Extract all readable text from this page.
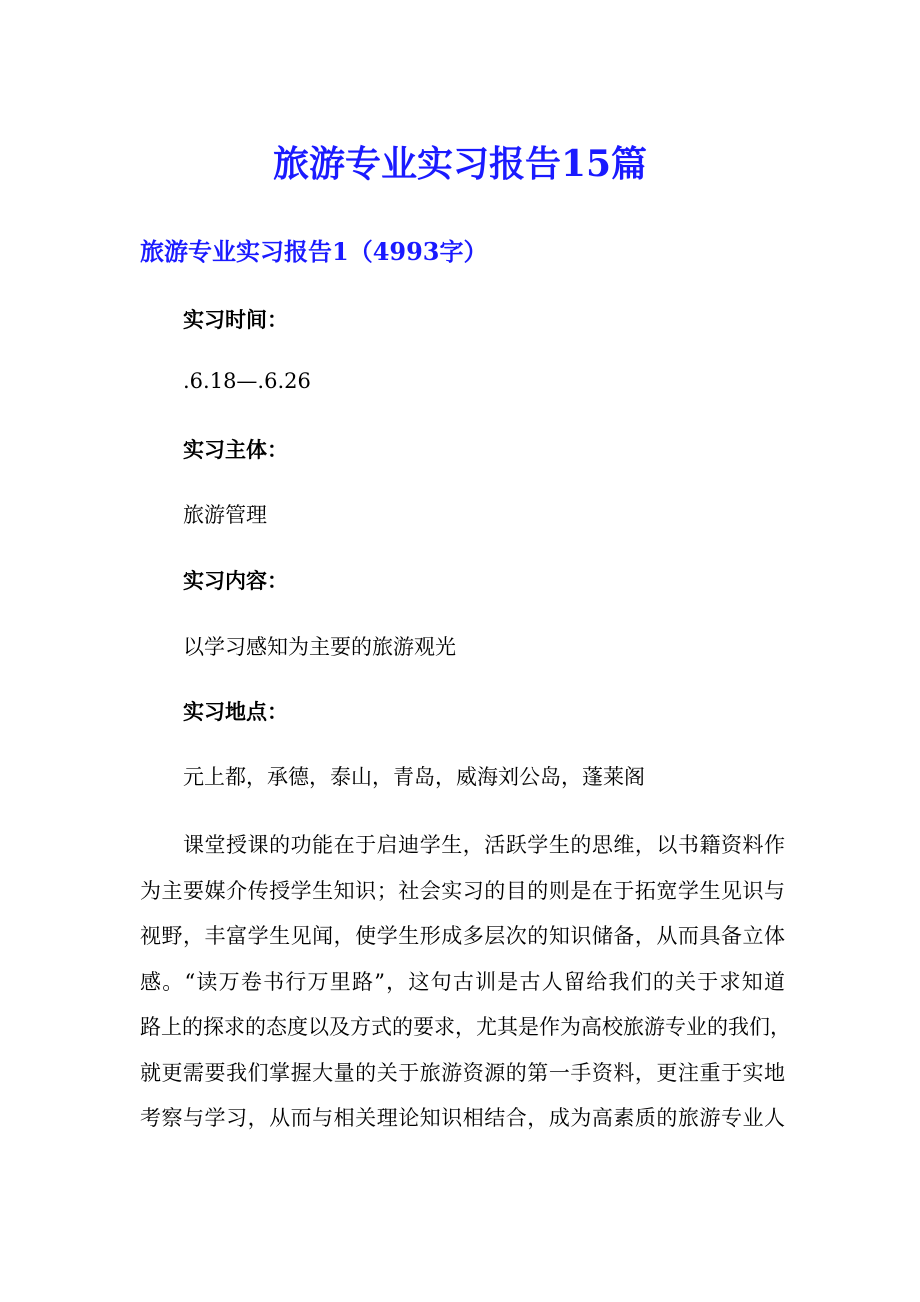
旅游专业实习报告15篇
旅游专业实习报告1（4993字）

实习时间：

.6.18—.6.26

实习主体：

旅游管理

实习内容：

以学习感知为主要的旅游观光

实习地点：

元上都，承德，泰山，青岛，威海刘公岛，蓬莱阁

课堂授课的功能在于启迪学生，活跃学生的思维，以书籍资料作
为主要媒介传授学生知识；社会实习的目的则是在于拓宽学生见识与
视野，丰富学生见闻，使学生形成多层次的知识储备，从而具备立体
感。“读万卷书行万里路”，这句古训是古人留给我们的关于求知道
路上的探求的态度以及方式的要求，尤其是作为高校旅游专业的我们，
就更需要我们掌握大量的关于旅游资源的第一手资料，更注重于实地
考察与学习，从而与相关理论知识相结合，成为高素质的旅游专业人
